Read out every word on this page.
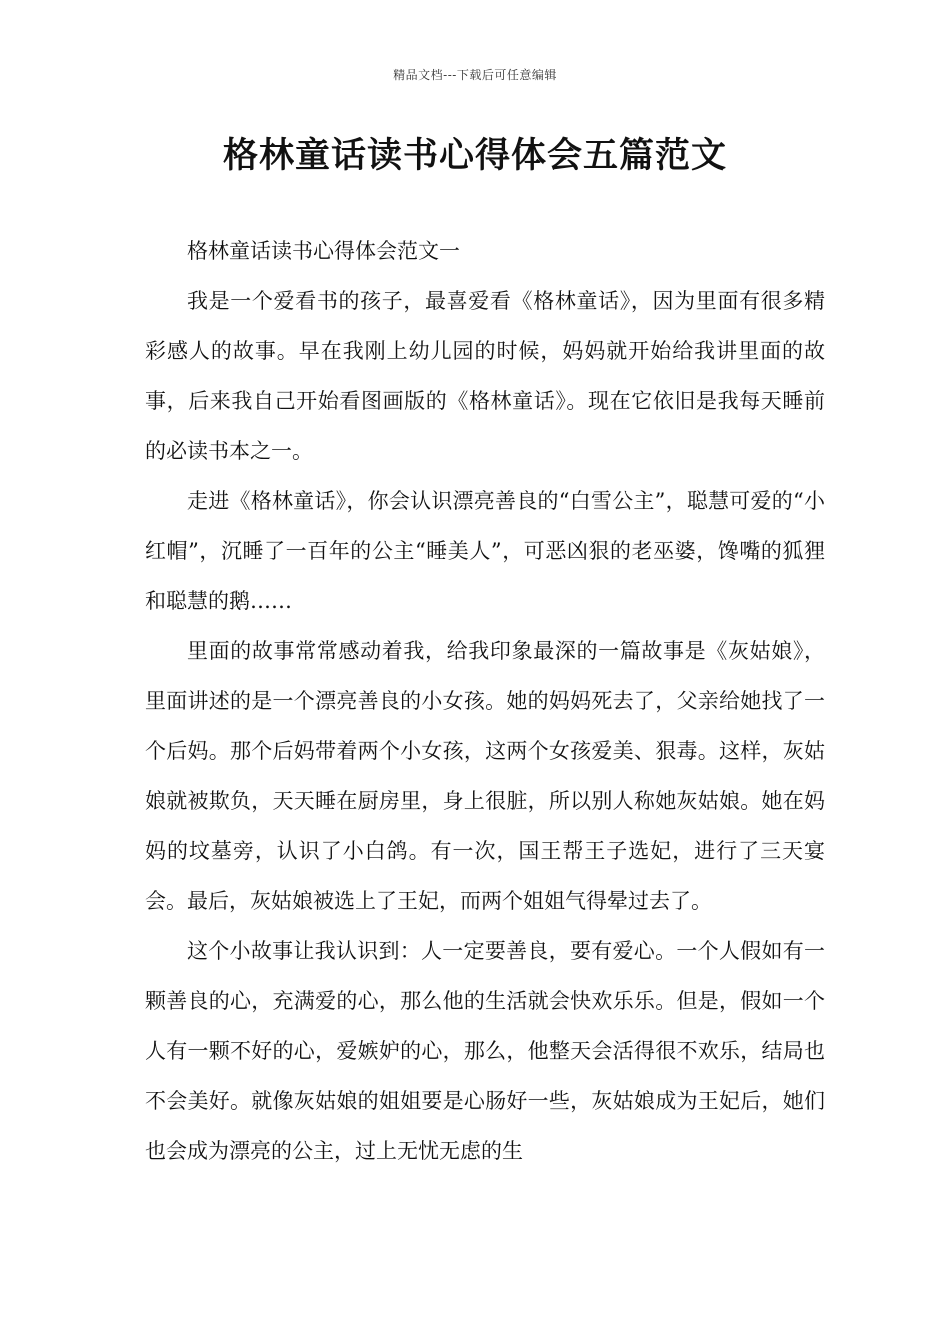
精品文档---下载后可任意编辑
格林童话读书心得体会五篇范文

格林童话读书心得体会范文一

我是一个爱看书的孩子，最喜爱看《格林童话》，因为里面有很多精彩感人的故事。早在我刚上幼儿园的时候，妈妈就开始给我讲里面的故事，后来我自己开始看图画版的《格林童话》。现在它依旧是我每天睡前的必读书本之一。

走进《格林童话》，你会认识漂亮善良的“白雪公主”，聪慧可爱的“小红帽”，沉睡了一百年的公主“睡美人”，可恶凶狠的老巫婆，馋嘴的狐狸和聪慧的鹅……

里面的故事常常感动着我，给我印象最深的一篇故事是《灰姑娘》，里面讲述的是一个漂亮善良的小女孩。她的妈妈死去了，父亲给她找了一个后妈。那个后妈带着两个小女孩，这两个女孩爱美、狠毒。这样，灰姑娘就被欺负，天天睡在厨房里，身上很脏，所以别人称她灰姑娘。她在妈妈的坟墓旁，认识了小白鸽。有一次，国王帮王子选妃，进行了三天宴会。最后，灰姑娘被选上了王妃，而两个姐姐气得晕过去了。

这个小故事让我认识到：人一定要善良，要有爱心。一个人假如有一颗善良的心，充满爱的心，那么他的生活就会快欢乐乐。但是，假如一个人有一颗不好的心，爱嫉妒的心，那么，他整天会活得很不欢乐，结局也不会美好。就像灰姑娘的姐姐要是心肠好一些，灰姑娘成为王妃后，她们也会成为漂亮的公主，过上无忧无虑的生
